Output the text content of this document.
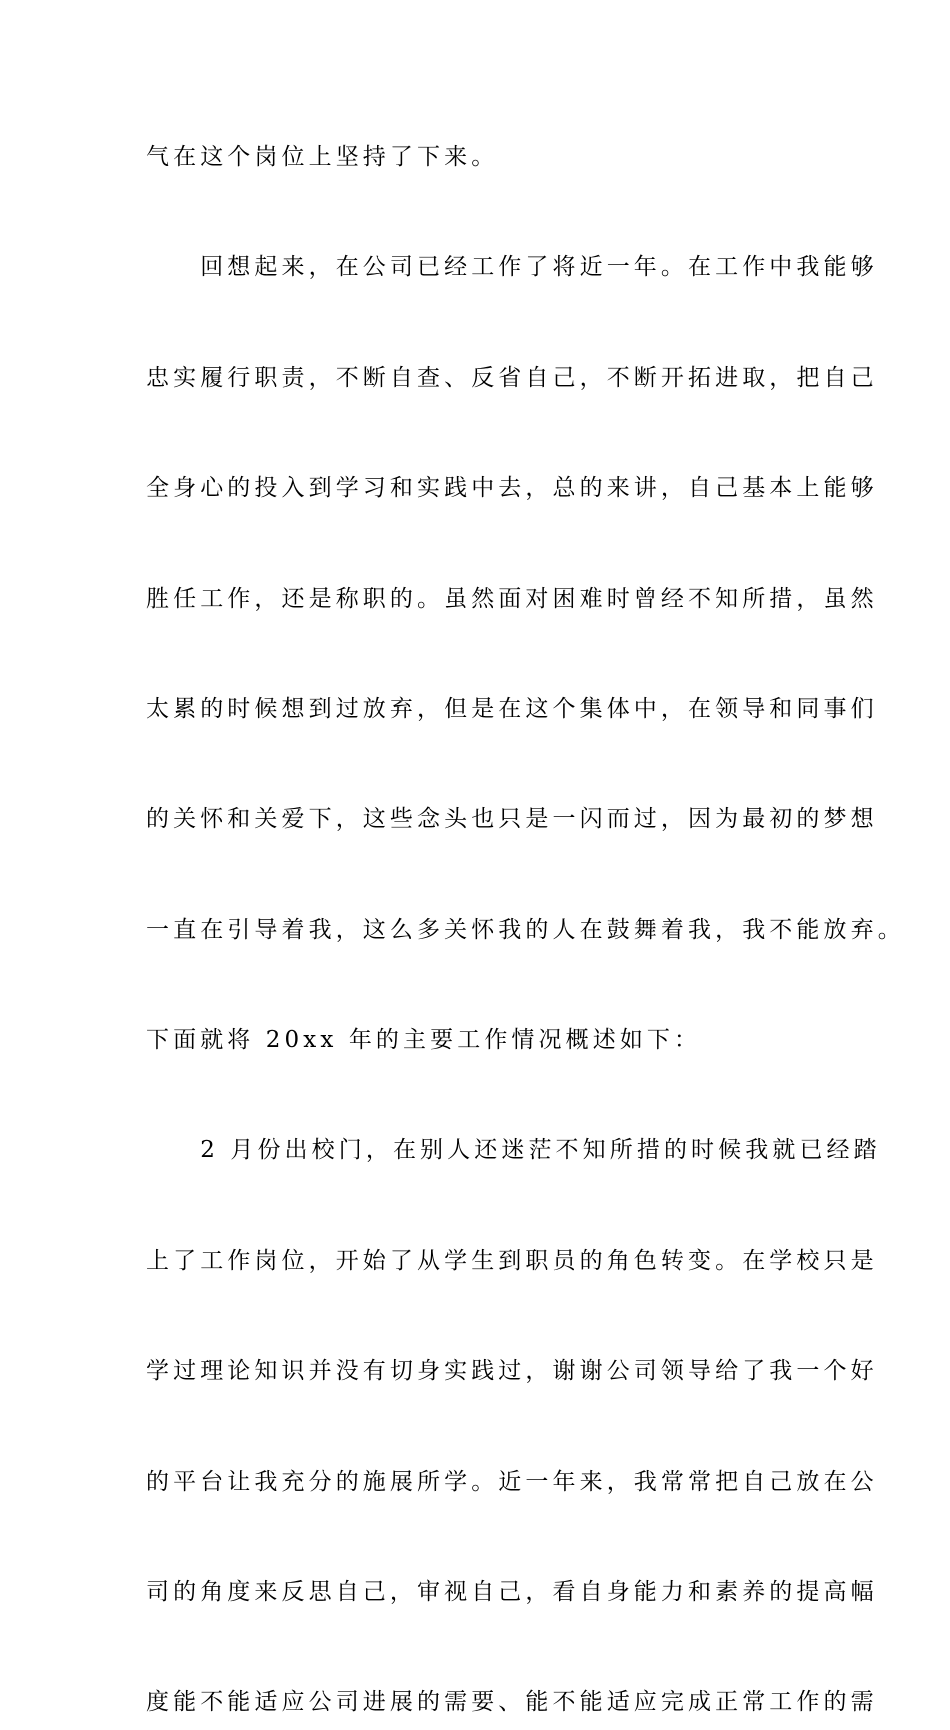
气在这个岗位上坚持了下来。
　　回想起来，在公司已经工作了将近一年。在工作中我能够
忠实履行职责，不断自查、反省自己，不断开拓进取，把自己
全身心的投入到学习和实践中去，总的来讲，自己基本上能够
胜任工作，还是称职的。虽然面对困难时曾经不知所措，虽然
太累的时候想到过放弃，但是在这个集体中，在领导和同事们
的关怀和关爱下，这些念头也只是一闪而过，因为最初的梦想
一直在引导着我，这么多关怀我的人在鼓舞着我，我不能放弃。
下面就将 20xx 年的主要工作情况概述如下：
　　2 月份出校门，在别人还迷茫不知所措的时候我就已经踏
上了工作岗位，开始了从学生到职员的角色转变。在学校只是
学过理论知识并没有切身实践过，谢谢公司领导给了我一个好
的平台让我充分的施展所学。近一年来，我常常把自己放在公
司的角度来反思自己，审视自己，看自身能力和素养的提高幅
度能不能适应公司进展的需要、能不能适应完成正常工作的需
